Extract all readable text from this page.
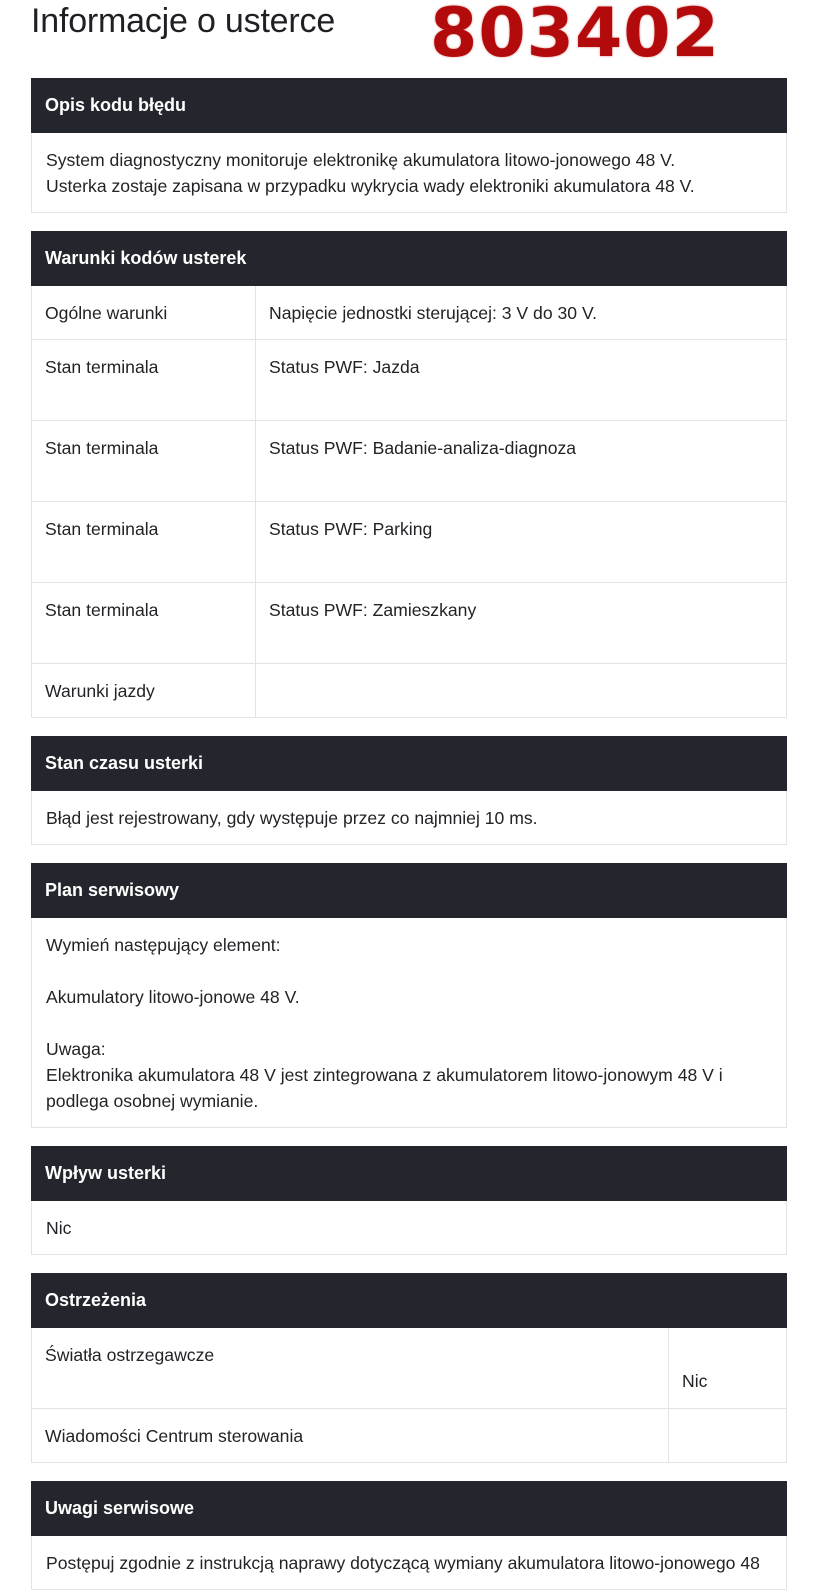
Informacje o usterce 803402
Opis kodu błędu

System diagnostyczny monitoruje elektronikę akumulatora litowo-jonowego 48 V.

Usterka zostaje zapisana w przypadku wykrycia wady elektroniki akumulatora 48 V.

Warunki kodów usterek
Ogólne warunki	Napięcie jednostki sterującej: 3 V do 30 V.
Stan terminala	Status PWF: Jazda
Stan terminala	Status PWF: Badanie-analiza-diagnoza
Stan terminala	Status PWF: Parking
Stan terminala	Status PWF: Zamieszkany
Warunki jazdy	
Stan czasu usterki

Błąd jest rejestrowany, gdy występuje przez co najmniej 10 ms.

Plan serwisowy

Wymień następujący element:

Akumulatory litowo-jonowe 48 V.

Uwaga:

Elektronika akumulatora 48 V jest zintegrowana z akumulatorem litowo-jonowym 48 V i podlega osobnej wymianie.

Wpływ usterki

Nic

Ostrzeżenia
Światła ostrzegawcze	Nic

Wiadomości Centrum sterowania	
Uwagi serwisowe

Postępuj zgodnie z instrukcją naprawy dotyczącą wymiany akumulatora litowo-jonowego 48
